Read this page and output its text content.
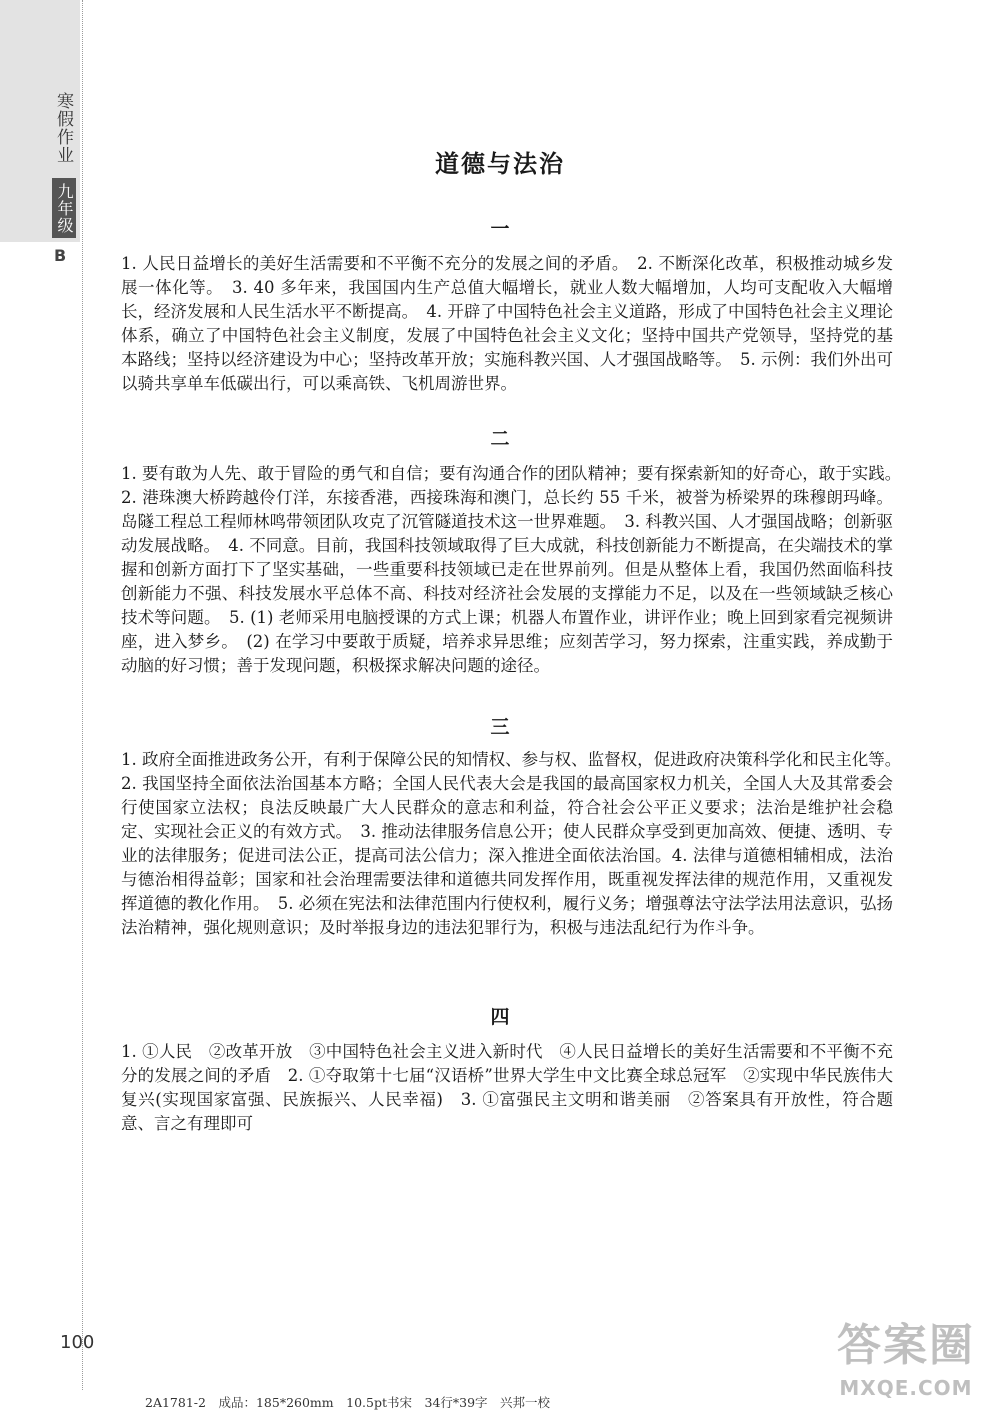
寒假作业
九年级
B
道德与法治
一

1. 人民日益增长的美好生活需要和不平衡不充分的发展之间的矛盾。　2. 不断深化改革，积极推动城乡发展一体化等。　3. 40 多年来，我国国内生产总值大幅增长，就业人数大幅增加，人均可支配收入大幅增长，经济发展和人民生活水平不断提高。　4. 开辟了中国特色社会主义道路，形成了中国特色社会主义理论体系，确立了中国特色社会主义制度，发展了中国特色社会主义文化；坚持中国共产党领导，坚持党的基本路线；坚持以经济建设为中心；坚持改革开放；实施科教兴国、人才强国战略等。　5. 示例：我们外出可以骑共享单车低碳出行，可以乘高铁、飞机周游世界。

二

1. 要有敢为人先、敢于冒险的勇气和自信；要有沟通合作的团队精神；要有探索新知的好奇心，敢于实践。　2. 港珠澳大桥跨越伶仃洋，东接香港，西接珠海和澳门，总长约 55 千米，被誉为桥梁界的珠穆朗玛峰。岛隧工程总工程师林鸣带领团队攻克了沉管隧道技术这一世界难题。　3. 科教兴国、人才强国战略；创新驱动发展战略。　4. 不同意。目前，我国科技领域取得了巨大成就，科技创新能力不断提高，在尖端技术的掌握和创新方面打下了坚实基础，一些重要科技领域已走在世界前列。但是从整体上看，我国仍然面临科技创新能力不强、科技发展水平总体不高、科技对经济社会发展的支撑能力不足，以及在一些领域缺乏核心技术等问题。　5. (1) 老师采用电脑授课的方式上课；机器人布置作业，讲评作业；晚上回到家看完视频讲座，进入梦乡。　(2) 在学习中要敢于质疑，培养求异思维；应刻苦学习，努力探索，注重实践，养成勤于动脑的好习惯；善于发现问题，积极探求解决问题的途径。

三

1. 政府全面推进政务公开，有利于保障公民的知情权、参与权、监督权，促进政府决策科学化和民主化等。　2. 我国坚持全面依法治国基本方略；全国人民代表大会是我国的最高国家权力机关，全国人大及其常委会行使国家立法权；良法反映最广大人民群众的意志和利益，符合社会公平正义要求；法治是维护社会稳定、实现社会正义的有效方式。　3. 推动法律服务信息公开；使人民群众享受到更加高效、便捷、透明、专业的法律服务；促进司法公正，提高司法公信力；深入推进全面依法治国。4. 法律与道德相辅相成，法治与德治相得益彰；国家和社会治理需要法律和道德共同发挥作用，既重视发挥法律的规范作用，又重视发挥道德的教化作用。　5. 必须在宪法和法律范围内行使权利，履行义务；增强尊法守法学法用法意识，弘扬法治精神，强化规则意识；及时举报身边的违法犯罪行为，积极与违法乱纪行为作斗争。

四

1. ①人民　②改革开放　③中国特色社会主义进入新时代　④人民日益增长的美好生活需要和不平衡不充分的发展之间的矛盾　2. ①夺取第十七届“汉语桥”世界大学生中文比赛全球总冠军　②实现中华民族伟大复兴(实现国家富强、民族振兴、人民幸福)　3. ①富强民主文明和谐美丽　②答案具有开放性，符合题意、言之有理即可

100
2A1781-2　成品：185*260mm　10.5pt书宋　34行*39字　兴邦一校
答案圈
MXQE.COM
